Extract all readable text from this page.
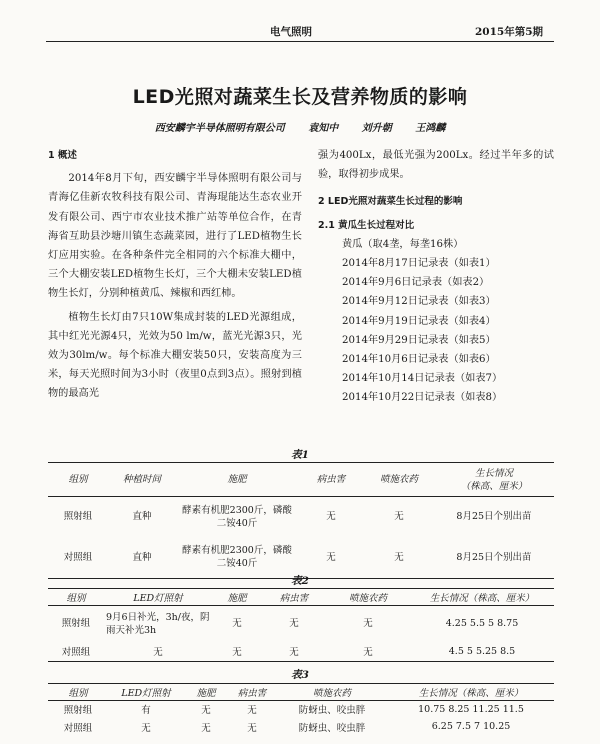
电气照明	2015年第5期
LED光照对蔬菜生长及营养物质的影响
西安麟宇半导体照明有限公司 袁知中 刘升朝 王鸿麟

1 概述

2014年8月下旬，西安麟宇半导体照明有限公司与青海亿佳新农牧科技有限公司、青海琨能达生态农业开发有限公司、西宁市农业技术推广站等单位合作，在青海省互助县沙塘川镇生态蔬菜园，进行了LED植物生长灯应用实验。在各种条件完全相同的六个标准大棚中，三个大棚安装LED植物生长灯，三个大棚未安装LED植物生长灯，分别种植黄瓜、辣椒和西红柿。

植物生长灯由7只10W集成封装的LED光源组成，其中红光光源4只，光效为50 lm/w，蓝光光源3只，光效为30lm/w。每个标准大棚安装50只，安装高度为三米，每天光照时间为3小时（夜里0点到3点）。照射到植物的最高光

强为400Lx，最低光强为200Lx。经过半年多的试验，取得初步成果。

2 LED光照对蔬菜生长过程的影响

2.1 黄瓜生长过程对比

黄瓜（取4垄，每垄16株）

2014年8月17日记录表（如表1）

2014年9月6日记录表（如表2）

2014年9月12日记录表（如表3）

2014年9月19日记录表（如表4）

2014年9月29日记录表（如表5）

2014年10月6日记录表（如表6）

2014年10月14日记录表（如表7）

2014年10月22日记录表（如表8）

表1
组别	种植时间	施肥	病虫害	喷施农药	生长情况
（株高、厘米）
照射组	直种	酵素有机肥2300斤，磷酸二铵40斤	无	无	8月25日个别出苗
对照组	直种	酵素有机肥2300斤，磷酸二铵40斤	无	无	8月25日个别出苗
表2
组别	LED灯照射	施肥	病虫害	喷施农药	生长情况（株高、厘米）
照射组	9月6日补光，3h/夜，阴雨天补光3h	无	无	无	4.25 5.5 5 8.75
对照组	无	无	无	无	4.5 5 5.25 8.5
表3
组别	LED灯照射	施肥	病虫害	喷施农药	生长情况（株高、厘米）
照射组	有	无	无	防蚜虫、咬虫胖	10.75 8.25 11.25 11.5
对照组	无	无	无	防蚜虫、咬虫胖	6.25 7.5 7 10.25
